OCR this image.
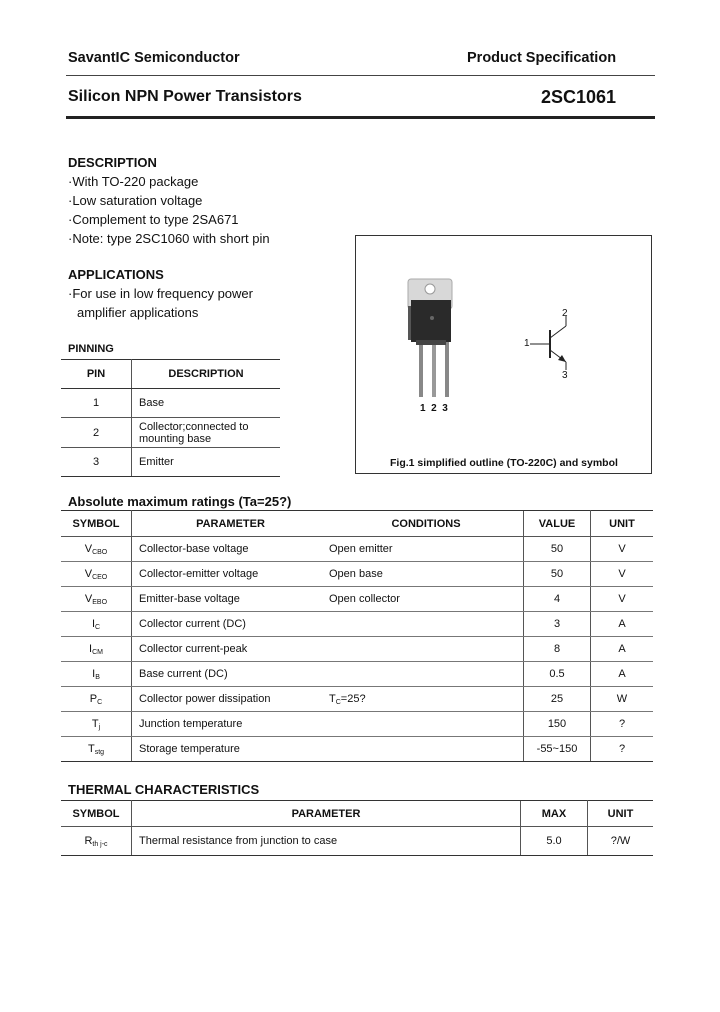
SavantIC Semiconductor	Product Specification
Silicon NPN Power Transistors	2SC1061
DESCRIPTION
·With TO-220 package
·Low saturation voltage
·Complement to type 2SA671
·Note: type 2SC1060 with short pin
APPLICATIONS
·For use in low frequency power
amplifier applications
PINNING
PIN	DESCRIPTION
1	Base
2	Collector;connected to
mounting base

3	Emitter
1  2  3
1
2
3
Fig.1 simplified outline (TO-220C) and symbol
Absolute maximum ratings (Ta=25?)
SYMBOL	PARAMETER	CONDITIONS	VALUE	UNIT
$V_{CBO}$	Collector-base voltage	Open emitter	50	V
$V_{CEO}$	Collector-emitter voltage	Open base	50	V
$V_{EBO}$	Emitter-base voltage	Open collector	4	V
$I_C$	Collector current (DC)		3	A
$I_{CM}$	Collector current-peak		8	A
$I_B$	Base current (DC)		0.5	A
$P_C$	Collector power dissipation	$T_C=25$?	25	W
$T_j$	Junction temperature		150	?
$T_{stg}$	Storage temperature		-55~150	?
THERMAL CHARACTERISTICS
SYMBOL	PARAMETER	MAX	UNIT
$R_{th j-c}$	Thermal resistance from junction to case	5.0	?/W
